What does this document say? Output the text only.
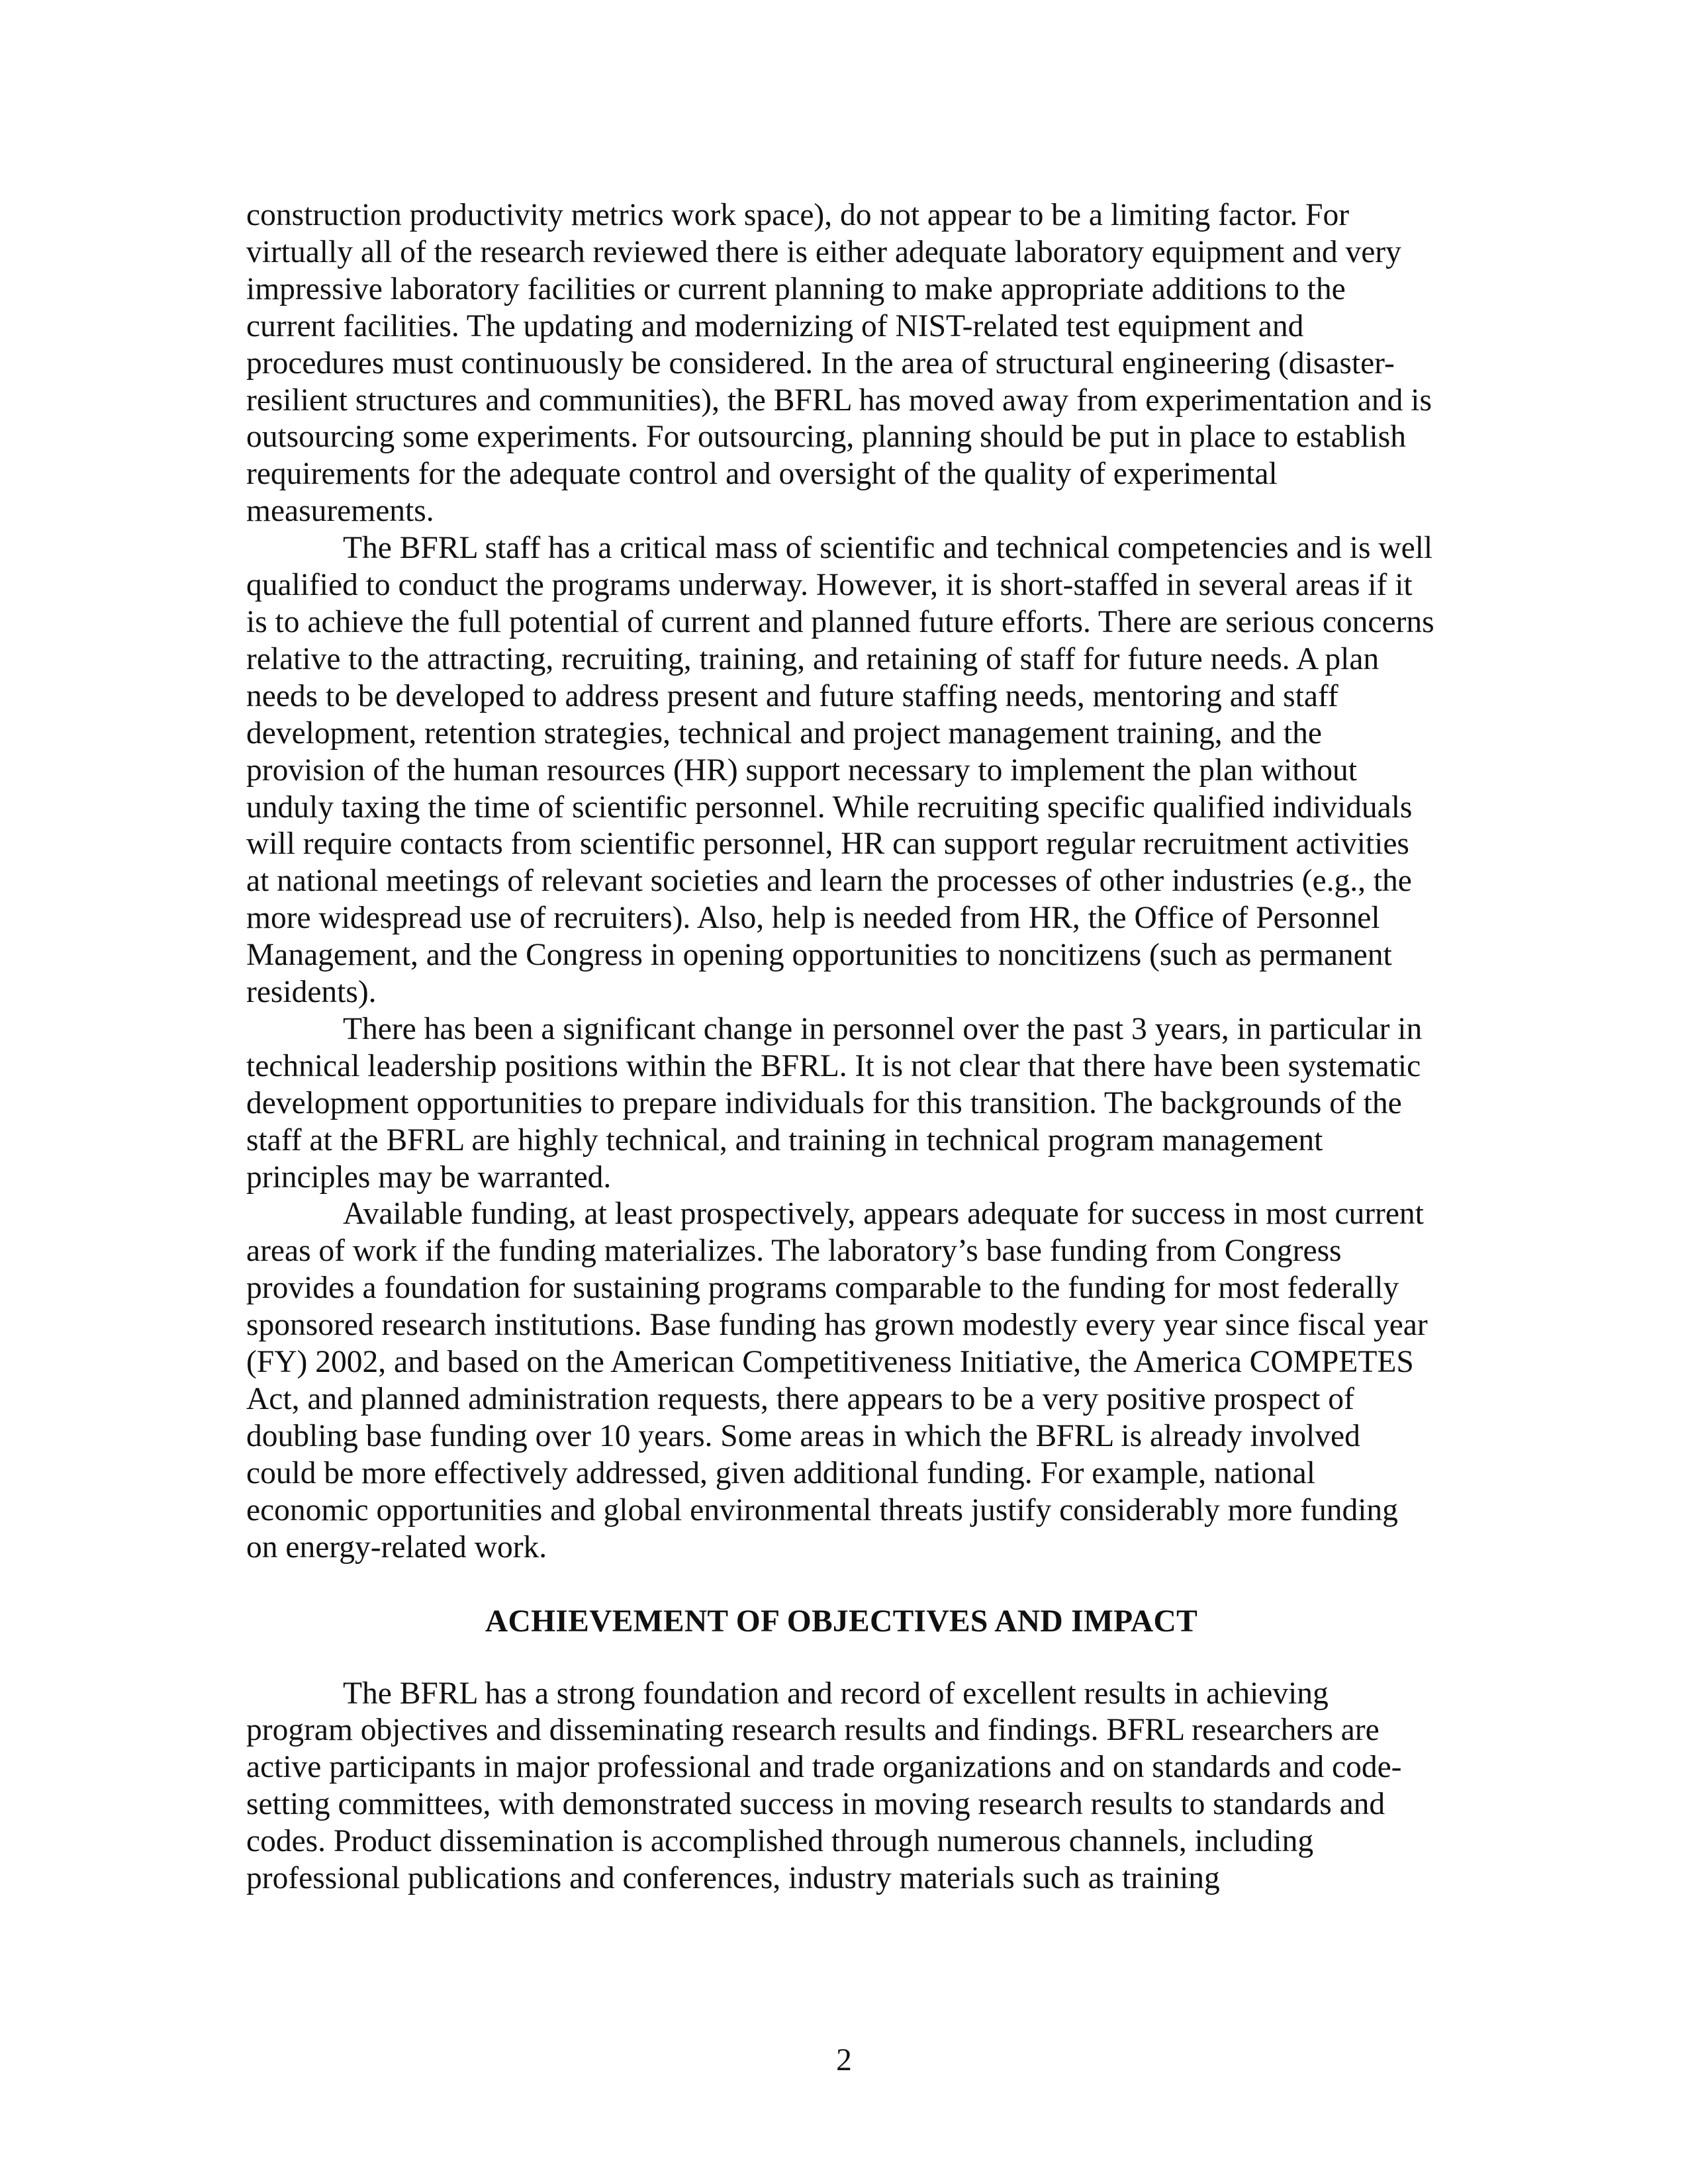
construction productivity metrics work space), do not appear to be a limiting factor. For virtually all of the research reviewed there is either adequate laboratory equipment and very impressive laboratory facilities or current planning to make appropriate additions to the current facilities. The updating and modernizing of NIST-related test equipment and procedures must continuously be considered. In the area of structural engineering (disaster-resilient structures and communities), the BFRL has moved away from experimentation and is outsourcing some experiments. For outsourcing, planning should be put in place to establish requirements for the adequate control and oversight of the quality of experimental measurements.

The BFRL staff has a critical mass of scientific and technical competencies and is well qualified to conduct the programs underway. However, it is short-staffed in several areas if it is to achieve the full potential of current and planned future efforts. There are serious concerns relative to the attracting, recruiting, training, and retaining of staff for future needs. A plan needs to be developed to address present and future staffing needs, mentoring and staff development, retention strategies, technical and project management training, and the provision of the human resources (HR) support necessary to implement the plan without unduly taxing the time of scientific personnel. While recruiting specific qualified individuals will require contacts from scientific personnel, HR can support regular recruitment activities at national meetings of relevant societies and learn the processes of other industries (e.g., the more widespread use of recruiters). Also, help is needed from HR, the Office of Personnel Management, and the Congress in opening opportunities to noncitizens (such as permanent residents).

There has been a significant change in personnel over the past 3 years, in particular in technical leadership positions within the BFRL. It is not clear that there have been systematic development opportunities to prepare individuals for this transition. The backgrounds of the staff at the BFRL are highly technical, and training in technical program management principles may be warranted.

Available funding, at least prospectively, appears adequate for success in most current areas of work if the funding materializes. The laboratory’s base funding from Congress provides a foundation for sustaining programs comparable to the funding for most federally sponsored research institutions. Base funding has grown modestly every year since fiscal year (FY) 2002, and based on the American Competitiveness Initiative, the America COMPETES Act, and planned administration requests, there appears to be a very positive prospect of doubling base funding over 10 years. Some areas in which the BFRL is already involved could be more effectively addressed, given additional funding. For example, national economic opportunities and global environmental threats justify considerably more funding on energy-related work.

ACHIEVEMENT OF OBJECTIVES AND IMPACT

The BFRL has a strong foundation and record of excellent results in achieving program objectives and disseminating research results and findings. BFRL researchers are active participants in major professional and trade organizations and on standards and code-setting committees, with demonstrated success in moving research results to standards and codes. Product dissemination is accomplished through numerous channels, including professional publications and conferences, industry materials such as training

2
